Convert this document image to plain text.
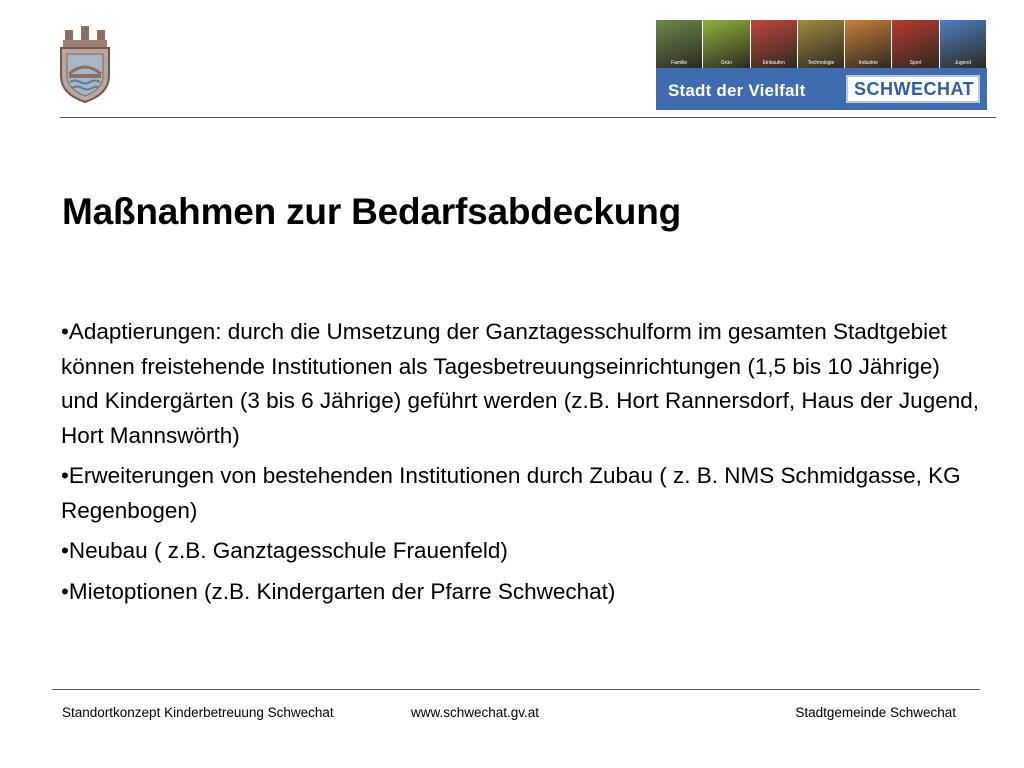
Familie	Grün	Einkaufen	Technologie	Industrie	Sport	Jugend
Stadt der Vielfalt	SCHWECHAT
Maßnahmen zur Bedarfsabdeckung

•Adaptierungen: durch die Umsetzung der Ganztagesschulform im gesamten Stadtgebiet können freistehende Institutionen als Tagesbetreuungseinrichtungen (1,5 bis 10 Jährige) und Kindergärten (3 bis 6 Jährige) geführt werden (z.B. Hort Rannersdorf, Haus der Jugend, Hort Mannswörth)

•Erweiterungen von bestehenden Institutionen durch Zubau ( z. B. NMS Schmidgasse, KG Regenbogen)

•Neubau ( z.B. Ganztagesschule Frauenfeld)

•Mietoptionen (z.B. Kindergarten der Pfarre Schwechat)

Standortkonzept Kinderbetreuung Schwechat	www.schwechat.gv.at	Stadtgemeinde Schwechat
